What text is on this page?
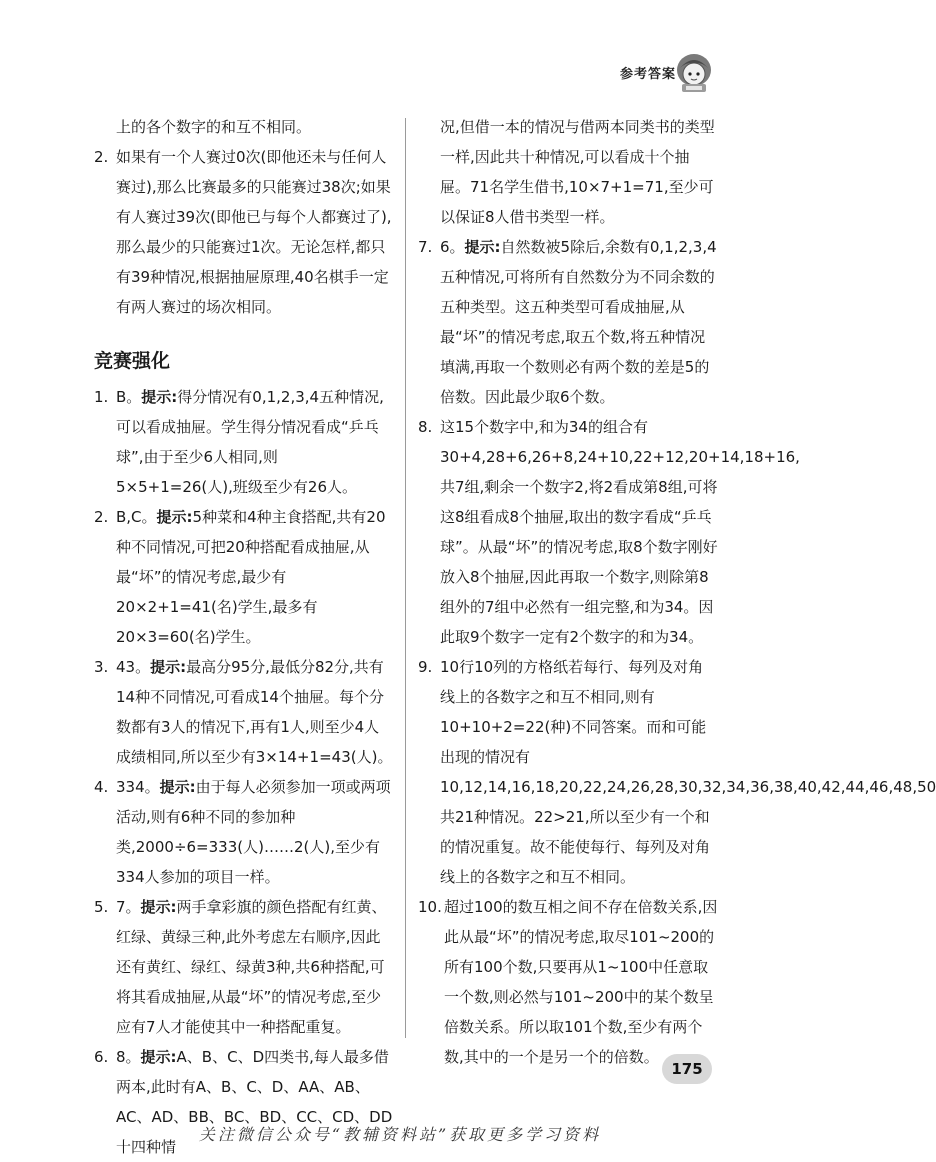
参考答案

上的各个数字的和互不相同。

2. 如果有一个人赛过0次(即他还未与任何人赛过),那么比赛最多的只能赛过38次;如果有人赛过39次(即他已与每个人都赛过了),那么最少的只能赛过1次。无论怎样,都只有39种情况,根据抽屉原理,40名棋手一定有两人赛过的场次相同。
竞赛强化
1. B。提示:得分情况有0,1,2,3,4五种情况,可以看成抽屉。学生得分情况看成“乒乓球”,由于至少6人相同,则5×5+1=26(人),班级至少有26人。
2. B,C。提示:5种菜和4种主食搭配,共有20种不同情况,可把20种搭配看成抽屉,从最“坏”的情况考虑,最少有20×2+1=41(名)学生,最多有20×3=60(名)学生。
3. 43。提示:最高分95分,最低分82分,共有14种不同情况,可看成14个抽屉。每个分数都有3人的情况下,再有1人,则至少4人成绩相同,所以至少有3×14+1=43(人)。
4. 334。提示:由于每人必须参加一项或两项活动,则有6种不同的参加种类,2000÷6=333(人)……2(人),至少有334人参加的项目一样。
5. 7。提示:两手拿彩旗的颜色搭配有红黄、红绿、黄绿三种,此外考虑左右顺序,因此还有黄红、绿红、绿黄3种,共6种搭配,可将其看成抽屉,从最“坏”的情况考虑,至少应有7人才能使其中一种搭配重复。
6. 8。提示:A、B、C、D四类书,每人最多借两本,此时有A、B、C、D、AA、AB、AC、AD、BB、BC、BD、CC、CD、DD十四种情

况,但借一本的情况与借两本同类书的类型一样,因此共十种情况,可以看成十个抽屉。71名学生借书,10×7+1=71,至少可以保证8人借书类型一样。

7. 6。提示:自然数被5除后,余数有0,1,2,3,4五种情况,可将所有自然数分为不同余数的五种类型。这五种类型可看成抽屉,从最“坏”的情况考虑,取五个数,将五种情况填满,再取一个数则必有两个数的差是5的倍数。因此最少取6个数。
8. 这15个数字中,和为34的组合有30+4,28+6,26+8,24+10,22+12,20+14,18+16,共7组,剩余一个数字2,将2看成第8组,可将这8组看成8个抽屉,取出的数字看成“乒乓球”。从最“坏”的情况考虑,取8个数字刚好放入8个抽屉,因此再取一个数字,则除第8组外的7组中必然有一组完整,和为34。因此取9个数字一定有2个数字的和为34。
9. 10行10列的方格纸若每行、每列及对角线上的各数字之和互不相同,则有10+10+2=22(种)不同答案。而和可能出现的情况有10,12,14,16,18,20,22,24,26,28,30,32,34,36,38,40,42,44,46,48,50共21种情况。22>21,所以至少有一个和的情况重复。故不能使每行、每列及对角线上的各数字之和互不相同。
10. 超过100的数互相之间不存在倍数关系,因此从最“坏”的情况考虑,取尽101~200的所有100个数,只要再从1~100中任意取一个数,则必然与101~200中的某个数呈倍数关系。所以取101个数,至少有两个数,其中的一个是另一个的倍数。
175
关注微信公众号“教辅资料站”获取更多学习资料
